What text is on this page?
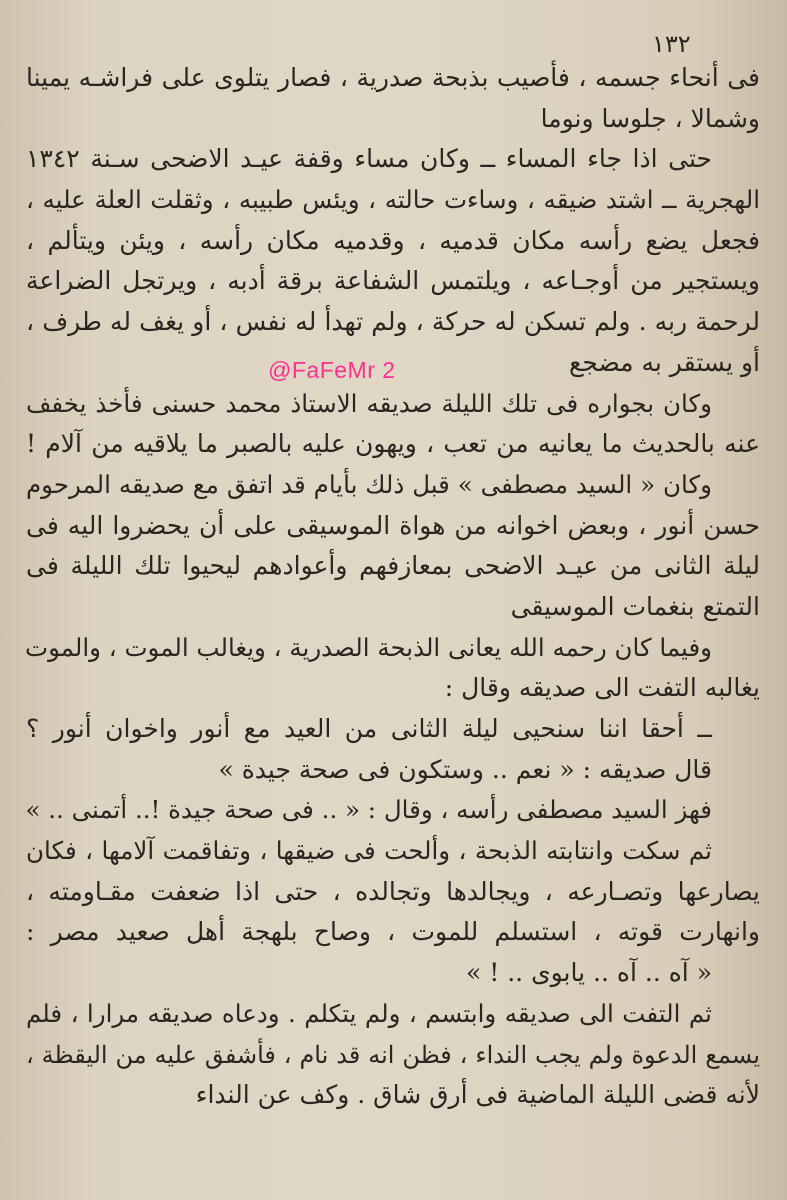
١٣٢
فى أنحاء جسمه ، فأصيب بذبحة صدرية ، فصار يتلوى على فراشـه يمينا
وشمالا ، جلوسا ونوما
حتى اذا جاء المساء ــ وكان مساء وقفة عيـد الاضحى سـنة ١٣٤٢
الهجرية ــ اشتد ضيقه ، وساءت حالته ، ويئس طبيبه ، وثقلت العلة عليه ،
فجعل يضع رأسه مكان قدميه ، وقدميه مكان رأسه ، ويئن ويتألم ،
ويستجير من أوجـاعه ، ويلتمس الشفاعة برقة أدبه ، ويرتجل الضراعة
لرحمة ربه . ولم تسكن له حركة ، ولم تهدأ له نفس ، أو يغف له طرف ،
أو يستقر به مضجع
وكان بجواره فى تلك الليلة صديقه الاستاذ محمد حسنى فأخذ يخفف
عنه بالحديث ما يعانيه من تعب ، ويهون عليه بالصبر ما يلاقيه من آلام !
وكان « السيد مصطفى » قبل ذلك بأيام قد اتفق مع صديقه المرحوم
حسن أنور ، وبعض اخوانه من هواة الموسيقى على أن يحضروا اليه فى
ليلة الثانى من عيـد الاضحى بمعازفهم وأعوادهم ليحيوا تلك الليلة فى
التمتع بنغمات الموسيقى
وفيما كان رحمه الله يعانى الذبحة الصدرية ، ويغالب الموت ، والموت
يغالبه التفت الى صديقه وقال :
ــ أحقا اننا سنحيى ليلة الثانى من العيد مع أنور واخوان أنور ؟
قال صديقه : « نعم .. وستكون فى صحة جيدة »
فهز السيد مصطفى رأسه ، وقال : « .. فى صحة جيدة !.. أتمنى .. »
ثم سكت وانتابته الذبحة ، وألحت فى ضيقها ، وتفاقمت آلامها ، فكان
يصارعها وتصـارعه ، ويجالدها وتجالده ، حتى اذا ضعفت مقـاومته ،
وانهارت قوته ، استسلم للموت ، وصاح بلهجة أهل صعيد مصر :
« آه .. آه .. يابوى .. ! »
ثم التفت الى صديقه وابتسم ، ولم يتكلم . ودعاه صديقه مرارا ، فلم
يسمع الدعوة ولم يجب النداء ، فظن انه قد نام ، فأشفق عليه من اليقظة ،
لأنه قضى الليلة الماضية فى أرق شاق . وكف عن النداء
@FaFeMr 2
